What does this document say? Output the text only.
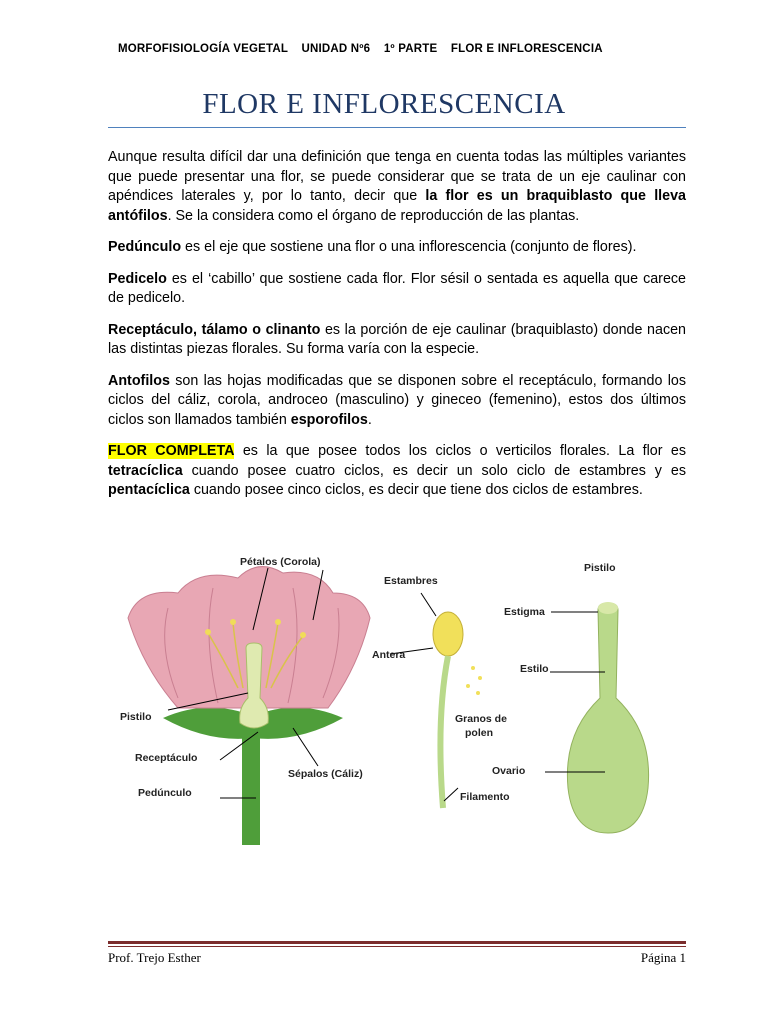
MORFOFISIOLOGÍA VEGETAL    UNIDAD Nº6    1º PARTE    FLOR E INFLORESCENCIA
FLOR E INFLORESCENCIA

Aunque resulta difícil dar una definición que tenga en cuenta todas las múltiples variantes que puede presentar una flor, se puede considerar que se trata de un eje caulinar con apéndices laterales y, por lo tanto, decir que la flor es un braquiblasto que lleva antófilos. Se la considera como el órgano de reproducción de las plantas.

Pedúnculo es el eje que sostiene una flor o una inflorescencia (conjunto de flores).

Pedicelo es el ‘cabillo’ que sostiene cada flor. Flor sésil o sentada es aquella que carece de pedicelo.

Receptáculo, tálamo o clinanto es la porción de eje caulinar (braquiblasto) donde nacen las distintas piezas florales. Su forma varía con la especie.

Antofilos son las hojas modificadas que se disponen sobre el receptáculo, formando los ciclos del cáliz, corola, androceo (masculino) y gineceo (femenino), estos dos últimos ciclos son llamados también esporofilos.

FLOR COMPLETA es la que posee todos los ciclos o verticilos florales. La flor es tetracíclica cuando posee cuatro ciclos, es decir un solo ciclo de estambres y es pentacíclica cuando posee cinco ciclos, es decir que tiene dos ciclos de estambres.

Pétalos (Corola)
Estambres
Antera
Pistilo
Receptáculo
Sépalos (Cáliz)
Pedúnculo
Granos de
polen
Filamento
Pistilo
Estigma
Estilo
Ovario
Prof. Trejo Esther	Página 1
